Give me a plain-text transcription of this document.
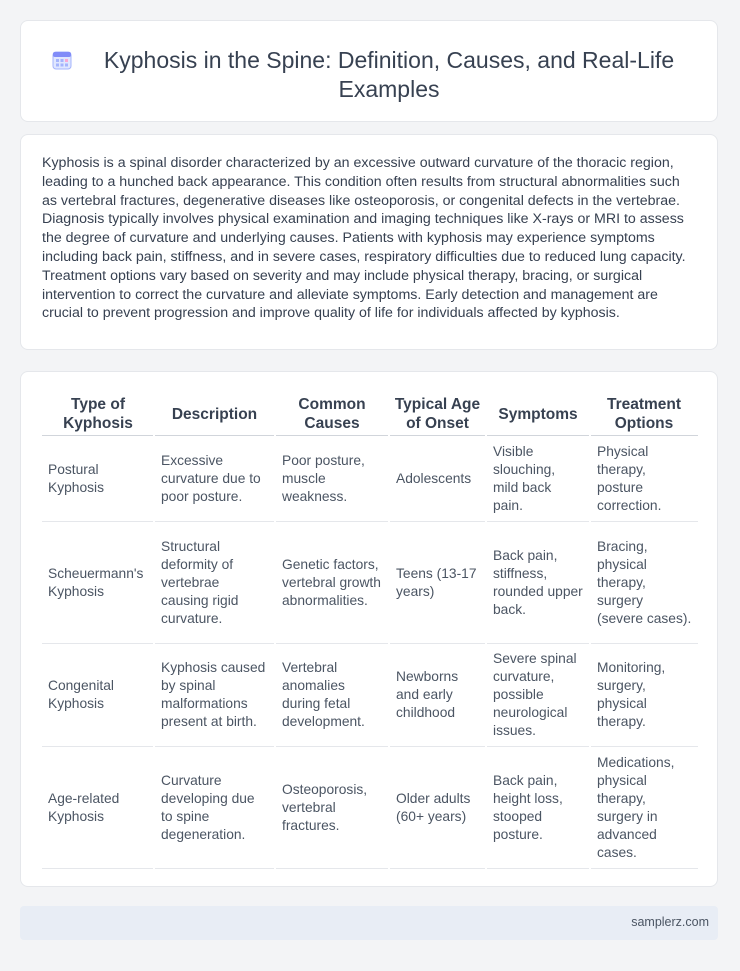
Kyphosis in the Spine: Definition, Causes, and Real-Life Examples

Kyphosis is a spinal disorder characterized by an excessive outward curvature of the thoracic region, leading to a hunched back appearance. This condition often results from structural abnormalities such as vertebral fractures, degenerative diseases like osteoporosis, or congenital defects in the vertebrae. Diagnosis typically involves physical examination and imaging techniques like X-rays or MRI to assess the degree of curvature and underlying causes. Patients with kyphosis may experience symptoms including back pain, stiffness, and in severe cases, respiratory difficulties due to reduced lung capacity. Treatment options vary based on severity and may include physical therapy, bracing, or surgical intervention to correct the curvature and alleviate symptoms. Early detection and management are crucial to prevent progression and improve quality of life for individuals affected by kyphosis.

Type of Kyphosis	Description	Common Causes	Typical Age of Onset	Symptoms	Treatment Options
Postural Kyphosis	Excessive curvature due to poor posture.	Poor posture, muscle weakness.	Adolescents	Visible slouching, mild back pain.	Physical therapy, posture correction.
Scheuermann's Kyphosis	Structural deformity of vertebrae causing rigid curvature.	Genetic factors, vertebral growth abnormalities.	Teens (13-17 years)	Back pain, stiffness, rounded upper back.	Bracing, physical therapy, surgery (severe cases).
Congenital Kyphosis	Kyphosis caused by spinal malformations present at birth.	Vertebral anomalies during fetal development.	Newborns and early childhood	Severe spinal curvature, possible neurological issues.	Monitoring, surgery, physical therapy.
Age-related Kyphosis	Curvature developing due to spine degeneration.	Osteoporosis, vertebral fractures.	Older adults (60+ years)	Back pain, height loss, stooped posture.	Medications, physical therapy, surgery in advanced cases.
samplerz.com
